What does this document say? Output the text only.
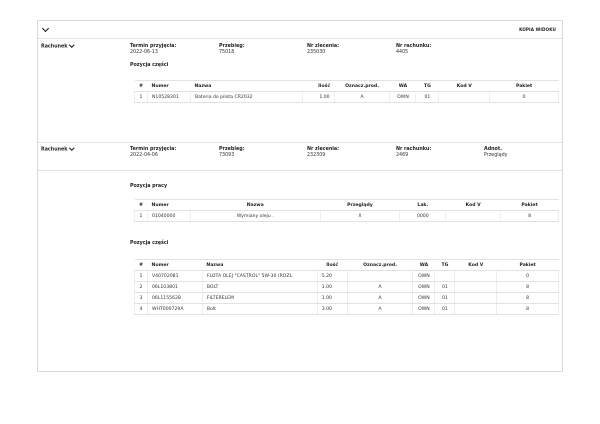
KOPIA WIDOKU
Rachunek	Termin przyjęcia:
2022-06-13
Przebieg:
75018
Nr zlecenia:
235030
Nr rachunku:
4405
Pozycja części
#	Numer	Nazwa	Ilość	Oznacz.prod.	WA	TG	Kod V	Pakiet
1	N10528301	Bateria do pilota CR2032	1.00	A	OWN	01		0
Rachunek	Termin przyjęcia:
2022-04-06
Przebieg:
73093
Nr zlecenia:
232309
Nr rachunku:
2469
Adnot.
Przeglądy
Pozycja pracy
#	Numer	Nazwa	Przeglądy	Lak.	Kod V	Pakiet
1	01040000	Wymiany oleju .	X	0000		8
Pozycja części
#	Numer	Nazwa	Ilość	Oznacz.prod.	WA	TG	Kod V	Pakiet
1	V40702081	FLOTA OLEJ "CASTROL" 5W-30 (ROZL.	5.20		OWN			0
2	06L103801	BOLT	1.00	A	OWN	01		8
3	06L115562B	FILTERELEM	1.00	A	OWN	01		8
4	WHT000729A	Bolt	3.00	A	OWN	01		8
